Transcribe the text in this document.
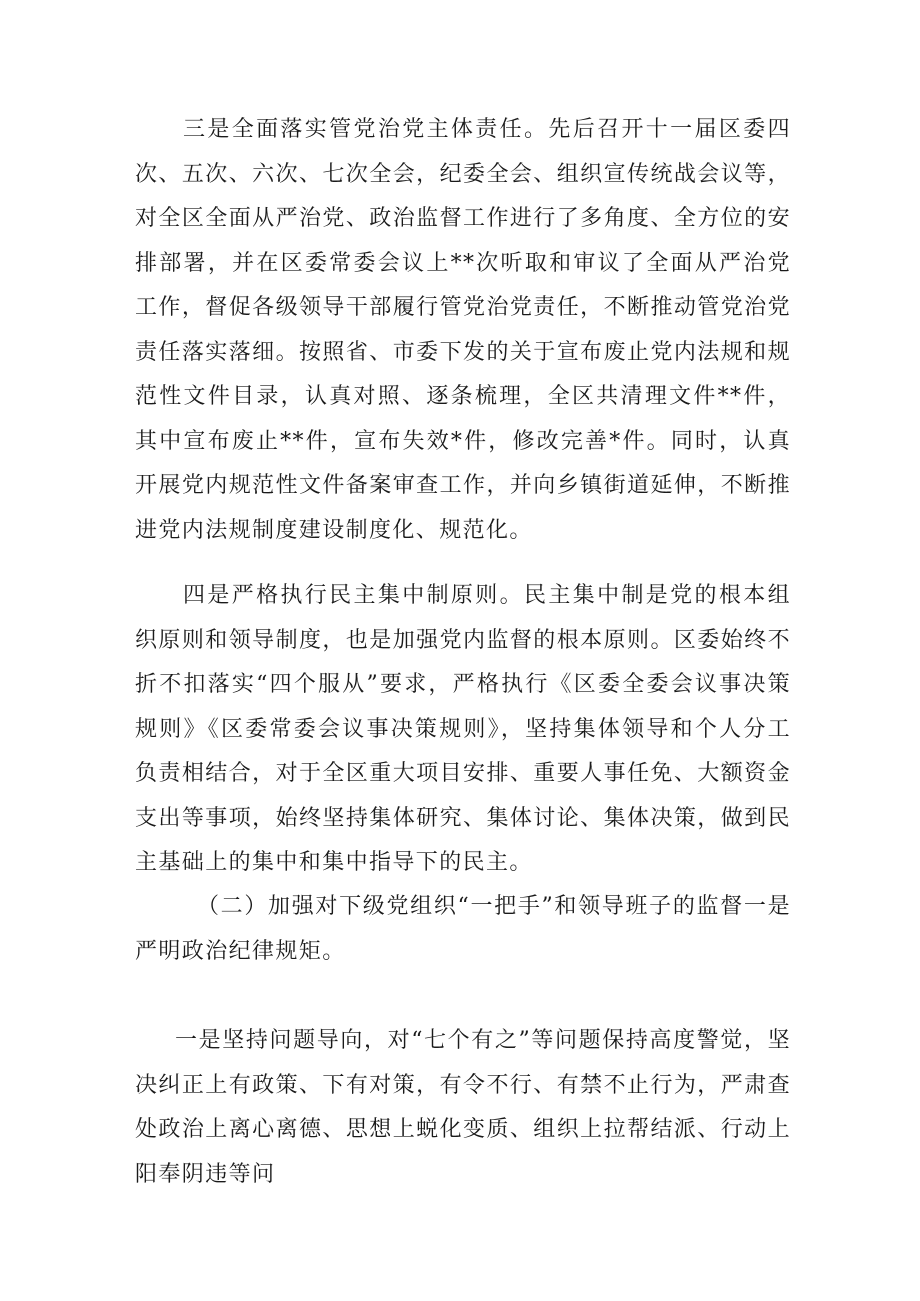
三是全面落实管党治党主体责任。先后召开十一届区委四次、五次、六次、七次全会，纪委全会、组织宣传统战会议等，对全区全面从严治党、政治监督工作进行了多角度、全方位的安排部署，并在区委常委会议上**次听取和审议了全面从严治党工作，督促各级领导干部履行管党治党责任，不断推动管党治党责任落实落细。按照省、市委下发的关于宣布废止党内法规和规范性文件目录，认真对照、逐条梳理，全区共清理文件**件，其中宣布废止**件，宣布失效*件，修改完善*件。同时，认真开展党内规范性文件备案审查工作，并向乡镇街道延伸，不断推进党内法规制度建设制度化、规范化。

四是严格执行民主集中制原则。民主集中制是党的根本组织原则和领导制度，也是加强党内监督的根本原则。区委始终不折不扣落实“四个服从”要求，严格执行《区委全委会议事决策规则》《区委常委会议事决策规则》，坚持集体领导和个人分工负责相结合，对于全区重大项目安排、重要人事任免、大额资金支出等事项，始终坚持集体研究、集体讨论、集体决策，做到民主基础上的集中和集中指导下的民主。

（二）加强对下级党组织“一把手”和领导班子的监督一是严明政治纪律规矩。

一是坚持问题导向，对“七个有之”等问题保持高度警觉，坚决纠正上有政策、下有对策，有令不行、有禁不止行为，严肃查处政治上离心离德、思想上蜕化变质、组织上拉帮结派、行动上阳奉阴违等问
